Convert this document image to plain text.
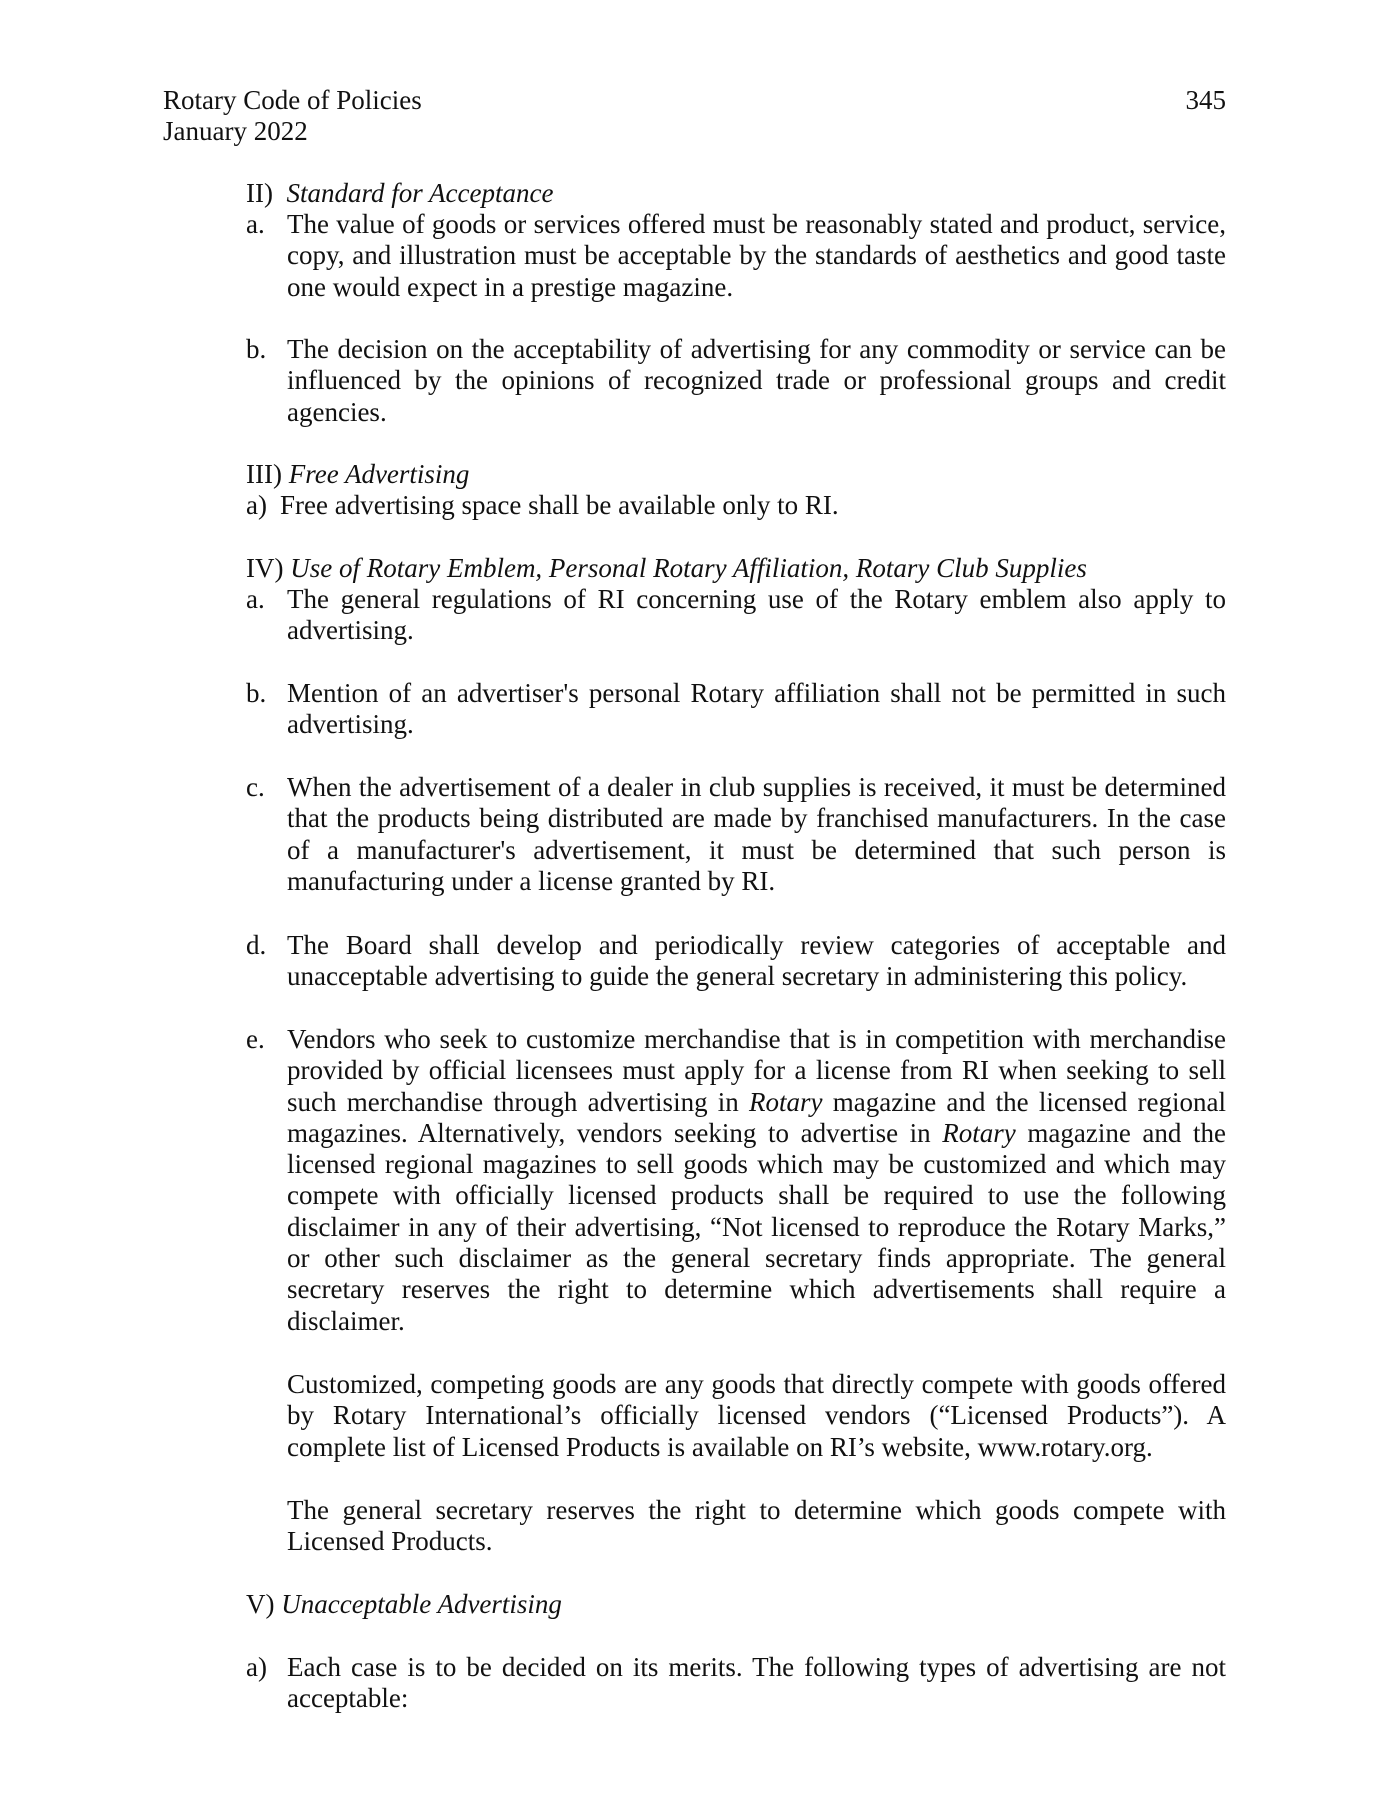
Rotary Code of Policies
January 2022
345
II) Standard for Acceptance
a. The value of goods or services offered must be reasonably stated and product, service, copy, and illustration must be acceptable by the standards of aesthetics and good taste one would expect in a prestige magazine.
b. The decision on the acceptability of advertising for any commodity or service can be influenced by the opinions of recognized trade or professional groups and credit agencies.
III) Free Advertising
a) Free advertising space shall be available only to RI.
IV) Use of Rotary Emblem, Personal Rotary Affiliation, Rotary Club Supplies
a. The general regulations of RI concerning use of the Rotary emblem also apply to advertising.
b. Mention of an advertiser's personal Rotary affiliation shall not be permitted in such advertising.
c. When the advertisement of a dealer in club supplies is received, it must be determined that the products being distributed are made by franchised manufacturers. In the case of a manufacturer's advertisement, it must be determined that such person is manufacturing under a license granted by RI.
d. The Board shall develop and periodically review categories of acceptable and unacceptable advertising to guide the general secretary in administering this policy.
e. Vendors who seek to customize merchandise that is in competition with merchandise provided by official licensees must apply for a license from RI when seeking to sell such merchandise through advertising in Rotary magazine and the licensed regional magazines. Alternatively, vendors seeking to advertise in Rotary magazine and the licensed regional magazines to sell goods which may be customized and which may compete with officially licensed products shall be required to use the following disclaimer in any of their advertising, “Not licensed to reproduce the Rotary Marks,” or other such disclaimer as the general secretary finds appropriate. The general secretary reserves the right to determine which advertisements shall require a disclaimer.
Customized, competing goods are any goods that directly compete with goods offered by Rotary International’s officially licensed vendors (“Licensed Products”). A complete list of Licensed Products is available on RI’s website, www.rotary.org.
The general secretary reserves the right to determine which goods compete with Licensed Products.
V) Unacceptable Advertising
a) Each case is to be decided on its merits. The following types of advertising are not acceptable:
